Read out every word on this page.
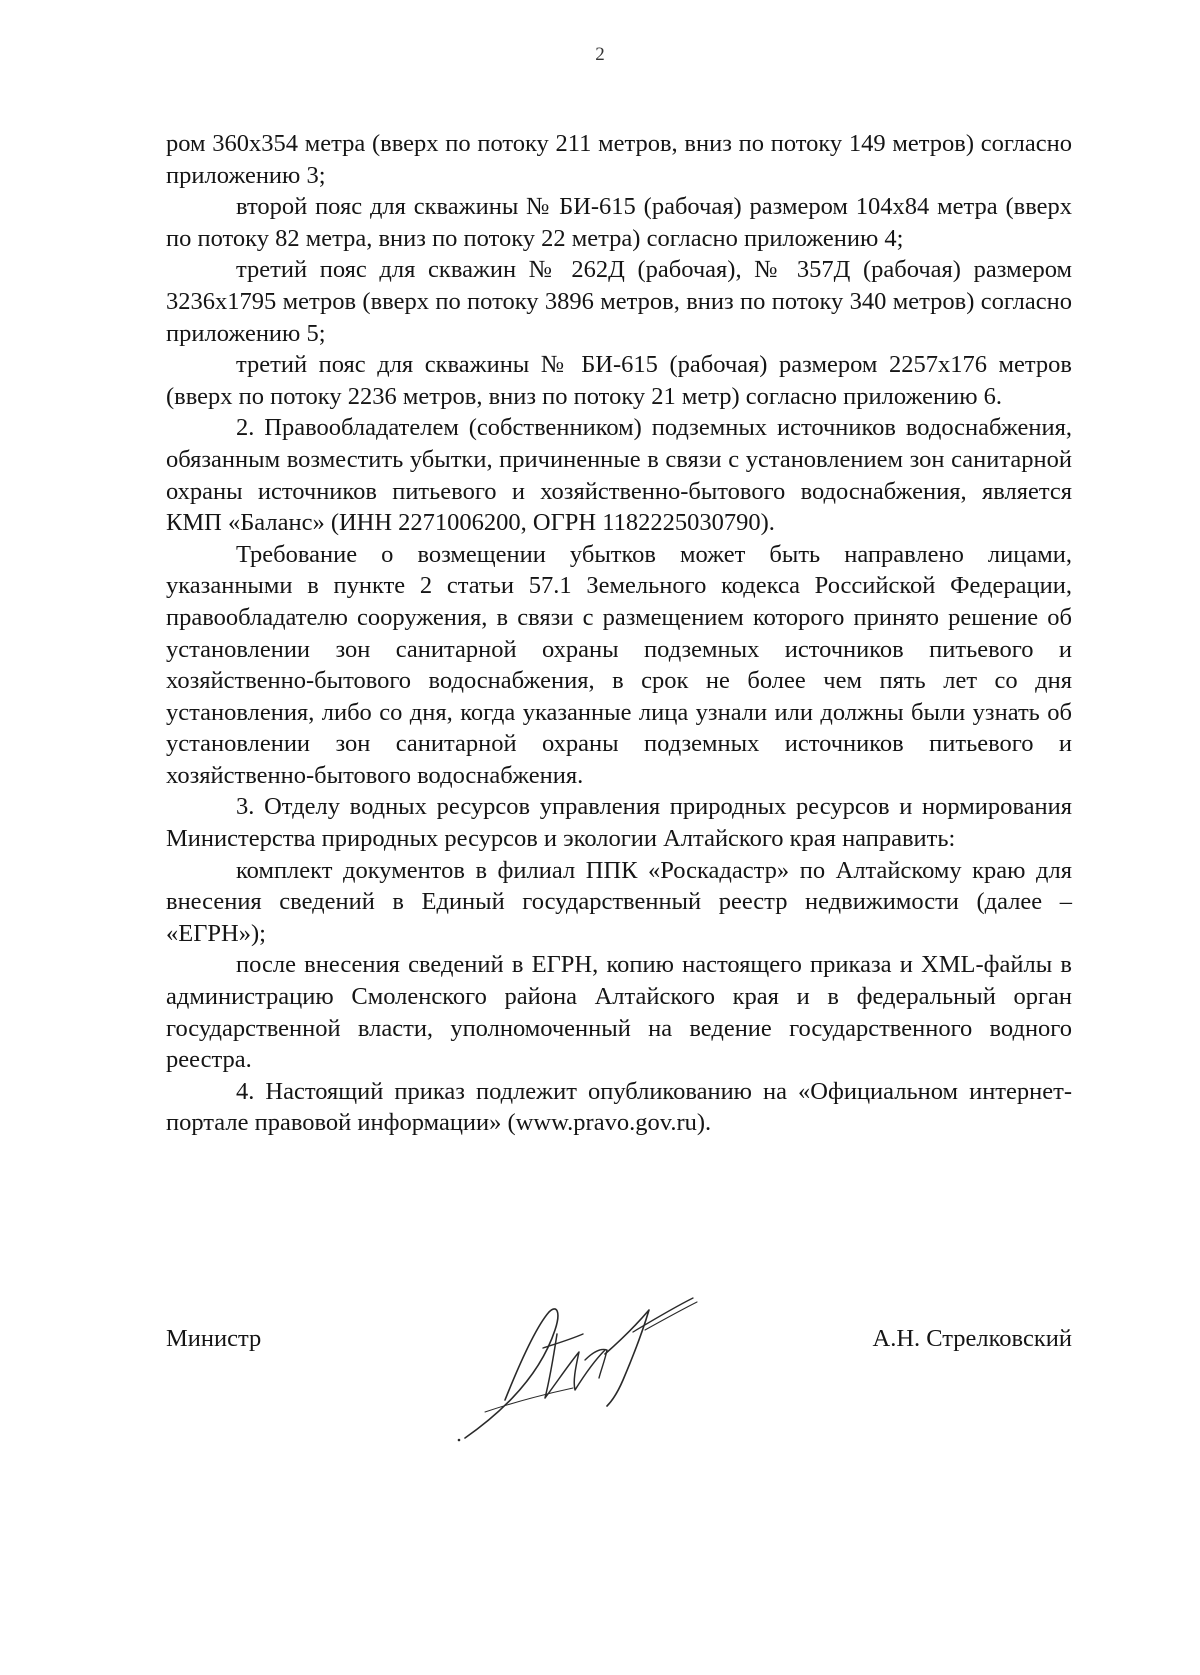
2

ром 360х354 метра (вверх по потоку 211 метров, вниз по потоку 149 метров) согласно приложению 3;

второй пояс для скважины № БИ-615 (рабочая) размером 104х84 метра (вверх по потоку 82 метра, вниз по потоку 22 метра) согласно приложению 4;

третий пояс для скважин № 262Д (рабочая), № 357Д (рабочая) размером 3236х1795 метров (вверх по потоку 3896 метров, вниз по потоку 340 метров) согласно приложению 5;

третий пояс для скважины № БИ-615 (рабочая) размером 2257х176 метров (вверх по потоку 2236 метров, вниз по потоку 21 метр) согласно приложению 6.

2. Правообладателем (собственником) подземных источников водоснабжения, обязанным возместить убытки, причиненные в связи с установлением зон санитарной охраны источников питьевого и хозяйственно-бытового водоснабжения, является КМП «Баланс» (ИНН 2271006200, ОГРН 1182225030790).

Требование о возмещении убытков может быть направлено лицами, указанными в пункте 2 статьи 57.1 Земельного кодекса Российской Федерации, правообладателю сооружения, в связи с размещением которого принято решение об установлении зон санитарной охраны подземных источников питьевого и хозяйственно-бытового водоснабжения, в срок не более чем пять лет со дня установления, либо со дня, когда указанные лица узнали или должны были узнать об установлении зон санитарной охраны подземных источников питьевого и хозяйственно-бытового водоснабжения.

3. Отделу водных ресурсов управления природных ресурсов и нормирования Министерства природных ресурсов и экологии Алтайского края направить:

комплект документов в филиал ППК «Роскадастр» по Алтайскому краю для внесения сведений в Единый государственный реестр недвижимости (далее – «ЕГРН»);

после внесения сведений в ЕГРН, копию настоящего приказа и XML-файлы в администрацию Смоленского района Алтайского края и в федеральный орган государственной власти, уполномоченный на ведение государственного водного реестра.

4. Настоящий приказ подлежит опубликованию на «Официальном интернет-портале правовой информации» (www.pravo.gov.ru).

Министр	А.Н. Стрелковский
